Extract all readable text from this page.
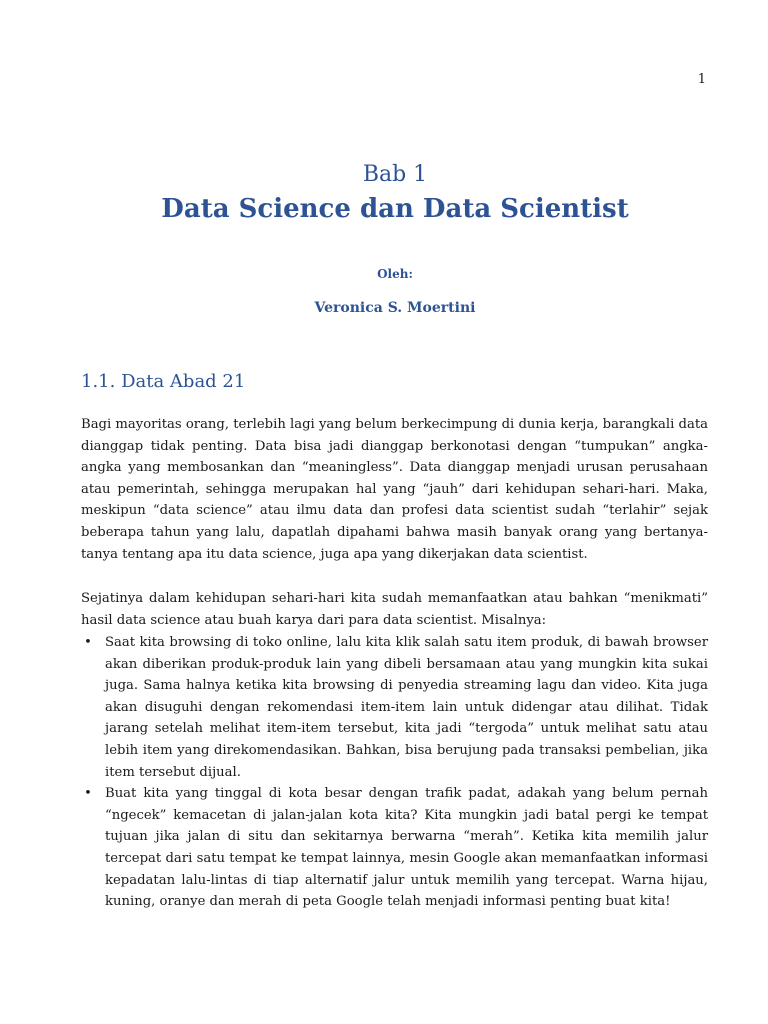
1
Bab 1
Data Science dan Data Scientist
Oleh:
Veronica S. Moertini
1.1. Data Abad 21

Bagi mayoritas orang, terlebih lagi yang belum berkecimpung di dunia kerja, barangkali data dianggap tidak penting. Data bisa jadi dianggap berkonotasi dengan “tumpukan” angka-angka yang membosankan dan “meaningless”. Data dianggap menjadi urusan perusahaan atau pemerintah, sehingga merupakan hal yang “jauh” dari kehidupan sehari-hari. Maka, meskipun “data science” atau ilmu data dan profesi data scientist sudah “terlahir” sejak beberapa tahun yang lalu, dapatlah dipahami bahwa masih banyak orang yang bertanya-tanya tentang apa itu data science, juga apa yang dikerjakan data scientist.

Sejatinya dalam kehidupan sehari-hari kita sudah memanfaatkan atau bahkan “menikmati” hasil data science atau buah karya dari para data scientist. Misalnya:

• Saat kita browsing di toko online, lalu kita klik salah satu item produk, di bawah browser akan diberikan produk-produk lain yang dibeli bersamaan atau yang mungkin kita sukai juga. Sama halnya ketika kita browsing di penyedia streaming lagu dan video. Kita juga akan disuguhi dengan rekomendasi item-item lain untuk didengar atau dilihat. Tidak jarang setelah melihat item-item tersebut, kita jadi “tergoda” untuk melihat satu atau lebih item yang direkomendasikan. Bahkan, bisa berujung pada transaksi pembelian, jika item tersebut dijual.
• Buat kita yang tinggal di kota besar dengan trafik padat, adakah yang belum pernah “ngecek” kemacetan di jalan-jalan kota kita? Kita mungkin jadi batal pergi ke tempat tujuan jika jalan di situ dan sekitarnya berwarna “merah”. Ketika kita memilih jalur tercepat dari satu tempat ke tempat lainnya, mesin Google akan memanfaatkan informasi kepadatan lalu-lintas di tiap alternatif jalur untuk memilih yang tercepat. Warna hijau, kuning, oranye dan merah di peta Google telah menjadi informasi penting buat kita!
